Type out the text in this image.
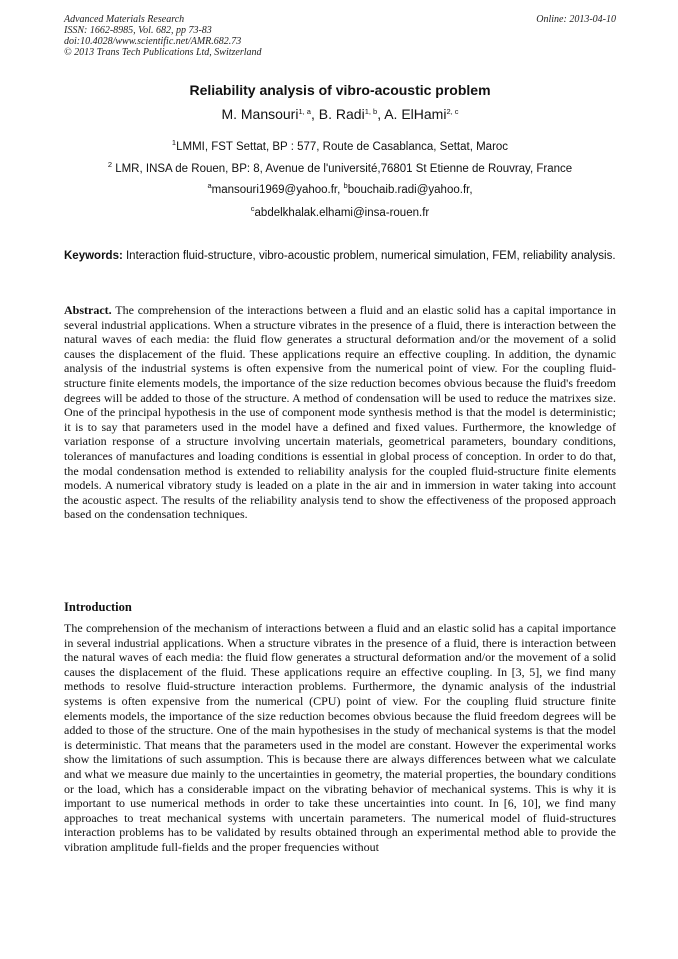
Advanced Materials Research
ISSN: 1662-8985, Vol. 682, pp 73-83
doi:10.4028/www.scientific.net/AMR.682.73
© 2013 Trans Tech Publications Ltd, Switzerland
Online: 2013-04-10
Reliability analysis of vibro-acoustic problem
M. Mansouri$^{1, a}$, B. Radi$^{1, b}$, A. ElHami$^{2, c}$
$^1$LMMI, FST Settat, BP : 577, Route de Casablanca, Settat, Maroc
$^2$ LMR, INSA de Rouen, BP: 8, Avenue de l'université,76801 St Etienne de Rouvray, France
$^a$mansouri1969@yahoo.fr, $^b$bouchaib.radi@yahoo.fr,
$^c$abdelkhalak.elhami@insa-rouen.fr
Keywords: Interaction fluid-structure, vibro-acoustic problem, numerical simulation, FEM, reliability analysis.
Abstract. The comprehension of the interactions between a fluid and an elastic solid has a capital importance in several industrial applications. When a structure vibrates in the presence of a fluid, there is interaction between the natural waves of each media: the fluid flow generates a structural deformation and/or the movement of a solid causes the displacement of the fluid. These applications require an effective coupling. In addition, the dynamic analysis of the industrial systems is often expensive from the numerical point of view. For the coupling fluid-structure finite elements models, the importance of the size reduction becomes obvious because the fluid's freedom degrees will be added to those of the structure. A method of condensation will be used to reduce the matrixes size. One of the principal hypothesis in the use of component mode synthesis method is that the model is deterministic; it is to say that parameters used in the model have a defined and fixed values. Furthermore, the knowledge of variation response of a structure involving uncertain materials, geometrical parameters, boundary conditions, tolerances of manufactures and loading conditions is essential in global process of conception. In order to do that, the modal condensation method is extended to reliability analysis for the coupled fluid-structure finite elements models. A numerical vibratory study is leaded on a plate in the air and in immersion in water taking into account the acoustic aspect. The results of the reliability analysis tend to show the effectiveness of the proposed approach based on the condensation techniques.
Introduction
The comprehension of the mechanism of interactions between a fluid and an elastic solid has a capital importance in several industrial applications. When a structure vibrates in the presence of a fluid, there is interaction between the natural waves of each media: the fluid flow generates a structural deformation and/or the movement of a solid causes the displacement of the fluid. These applications require an effective coupling. In [3, 5], we find many methods to resolve fluid-structure interaction problems. Furthermore, the dynamic analysis of the industrial systems is often expensive from the numerical (CPU) point of view. For the coupling fluid structure finite elements models, the importance of the size reduction becomes obvious because the fluid freedom degrees will be added to those of the structure. One of the main hypothesises in the study of mechanical systems is that the model is deterministic. That means that the parameters used in the model are constant. However the experimental works show the limitations of such assumption. This is because there are always differences between what we calculate and what we measure due mainly to the uncertainties in geometry, the material properties, the boundary conditions or the load, which has a considerable impact on the vibrating behavior of mechanical systems. This is why it is important to use numerical methods in order to take these uncertainties into count. In [6, 10], we find many approaches to treat mechanical systems with uncertain parameters. The numerical model of fluid-structures interaction problems has to be validated by results obtained through an experimental method able to provide the vibration amplitude full-fields and the proper frequencies without
